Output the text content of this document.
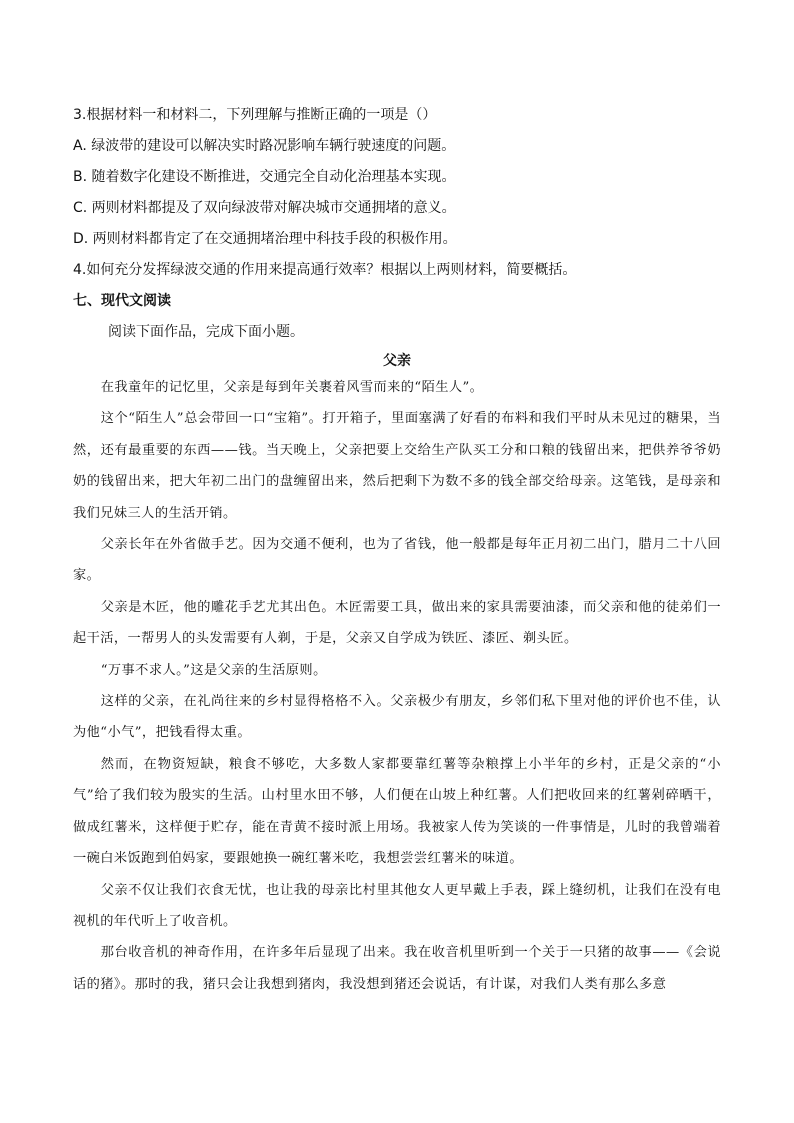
3.根据材料一和材料二，下列理解与推断正确的一项是（）
A. 绿波带的建设可以解决实时路况影响车辆行驶速度的问题。
B. 随着数字化建设不断推进，交通完全自动化治理基本实现。
C. 两则材料都提及了双向绿波带对解决城市交通拥堵的意义。
D. 两则材料都肯定了在交通拥堵治理中科技手段的积极作用。
4.如何充分发挥绿波交通的作用来提高通行效率？根据以上两则材料，简要概括。
七、现代文阅读
阅读下面作品，完成下面小题。
父亲

在我童年的记忆里，父亲是每到年关裹着风雪而来的“陌生人”。

这个“陌生人”总会带回一口“宝箱”。打开箱子，里面塞满了好看的布料和我们平时从未见过的糖果，当然，还有最重要的东西——钱。当天晚上，父亲把要上交给生产队买工分和口粮的钱留出来，把供养爷爷奶奶的钱留出来，把大年初二出门的盘缠留出来，然后把剩下为数不多的钱全部交给母亲。这笔钱，是母亲和我们兄妹三人的生活开销。

父亲长年在外省做手艺。因为交通不便利，也为了省钱，他一般都是每年正月初二出门，腊月二十八回家。

父亲是木匠，他的雕花手艺尤其出色。木匠需要工具，做出来的家具需要油漆，而父亲和他的徒弟们一起干活，一帮男人的头发需要有人剃，于是，父亲又自学成为铁匠、漆匠、剃头匠。

“万事不求人。”这是父亲的生活原则。

这样的父亲，在礼尚往来的乡村显得格格不入。父亲极少有朋友，乡邻们私下里对他的评价也不佳，认为他“小气”，把钱看得太重。

然而，在物资短缺，粮食不够吃，大多数人家都要靠红薯等杂粮撑上小半年的乡村，正是父亲的“小气”给了我们较为殷实的生活。山村里水田不够，人们便在山坡上种红薯。人们把收回来的红薯剁碎晒干，做成红薯米，这样便于贮存，能在青黄不接时派上用场。我被家人传为笑谈的一件事情是，儿时的我曾端着一碗白米饭跑到伯妈家，要跟她换一碗红薯米吃，我想尝尝红薯米的味道。

父亲不仅让我们衣食无忧，也让我的母亲比村里其他女人更早戴上手表，踩上缝纫机，让我们在没有电视机的年代听上了收音机。

那台收音机的神奇作用，在许多年后显现了出来。我在收音机里听到一个关于一只猪的故事——《会说话的猪》。那时的我，猪只会让我想到猪肉，我没想到猪还会说话，有计谋，对我们人类有那么多意
